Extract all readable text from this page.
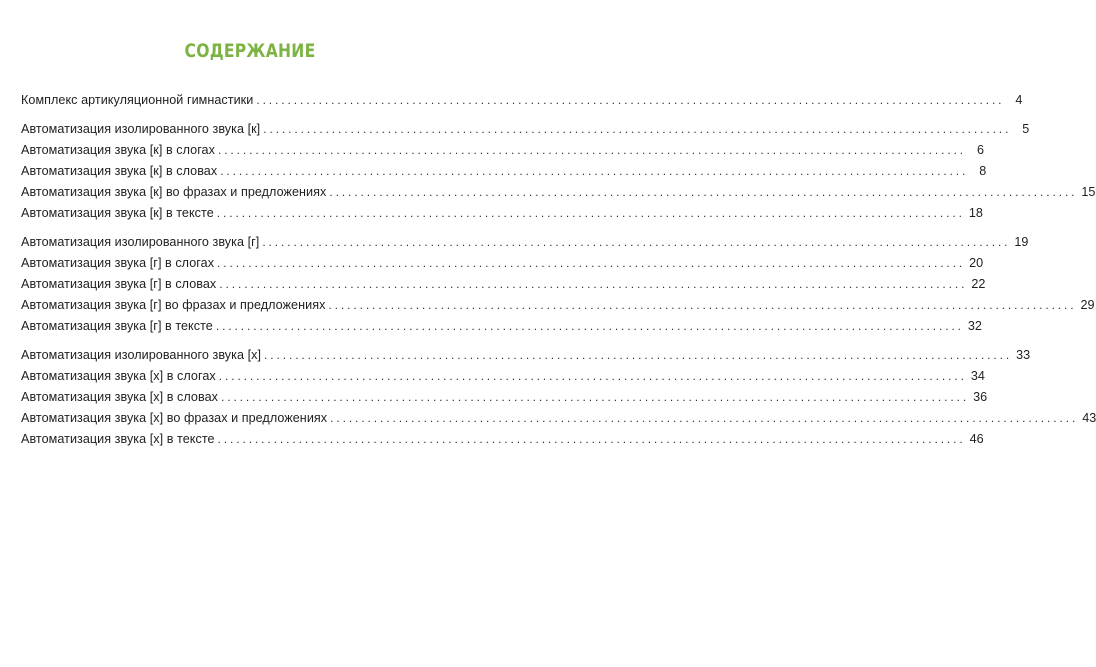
СОДЕРЖАНИЕ
Комплекс артикуляционной гимнастики ........................................................................................................................ 4
Автоматизация изолированного звука [к] ........................................................................................................................ 5
Автоматизация звука [к] в слогах ........................................................................................................................ 6
Автоматизация звука [к] в словах ........................................................................................................................ 8
Автоматизация звука [к] во фразах и предложениях ........................................................................................................................ 15
Автоматизация звука [к] в тексте ........................................................................................................................ 18
Автоматизация изолированного звука [г] ........................................................................................................................ 19
Автоматизация звука [г] в слогах ........................................................................................................................ 20
Автоматизация звука [г] в словах ........................................................................................................................ 22
Автоматизация звука [г] во фразах и предложениях ........................................................................................................................ 29
Автоматизация звука [г] в тексте ........................................................................................................................ 32
Автоматизация изолированного звука [х] ........................................................................................................................ 33
Автоматизация звука [х] в слогах ........................................................................................................................ 34
Автоматизация звука [х] в словах ........................................................................................................................ 36
Автоматизация звука [х] во фразах и предложениях ........................................................................................................................ 43
Автоматизация звука [х] в тексте ........................................................................................................................ 46
